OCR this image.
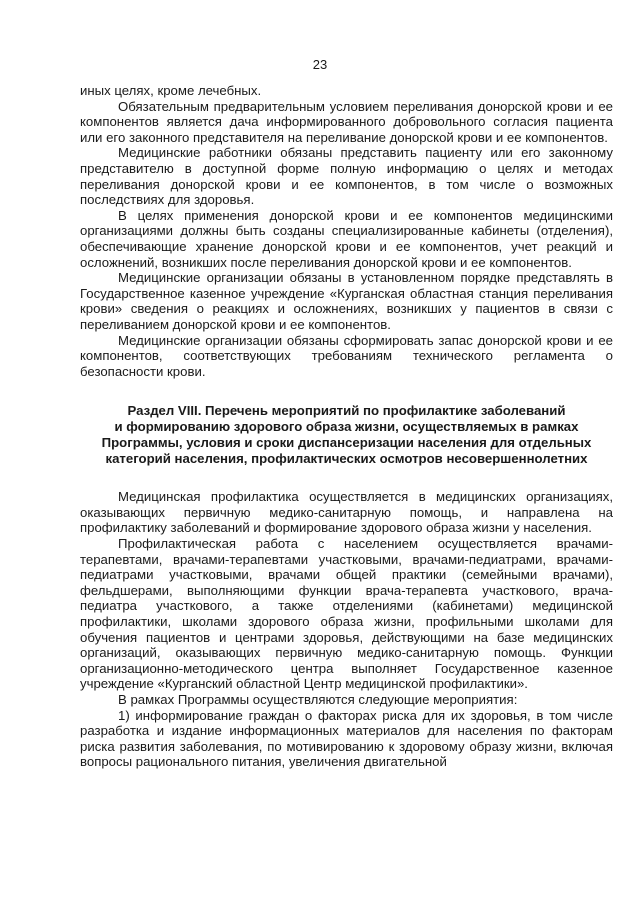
23

иных целях, кроме лечебных.

Обязательным предварительным условием переливания донорской крови и ее компонентов является дача информированного добровольного согласия пациента или его законного представителя на переливание донорской крови и ее компонентов.

Медицинские работники обязаны представить пациенту или его законному представителю в доступной форме полную информацию о целях и методах переливания донорской крови и ее компонентов, в том числе о возможных последствиях для здоровья.

В целях применения донорской крови и ее компонентов медицинскими организациями должны быть созданы специализированные кабинеты (отделения), обеспечивающие хранение донорской крови и ее компонентов, учет реакций и осложнений, возникших после переливания донорской крови и ее компонентов.

Медицинские организации обязаны в установленном порядке представлять в Государственное казенное учреждение «Курганская областная станция переливания крови» сведения о реакциях и осложнениях, возникших у пациентов в связи с переливанием донорской крови и ее компонентов.

Медицинские организации обязаны сформировать запас донорской крови и ее компонентов, соответствующих требованиям технического регламента о безопасности крови.

Раздел VIII. Перечень мероприятий по профилактике заболеваний
и формированию здорового образа жизни, осуществляемых в рамках
Программы, условия и сроки диспансеризации населения для отдельных
категорий населения, профилактических осмотров несовершеннолетних

Медицинская профилактика осуществляется в медицинских организациях, оказывающих первичную медико-санитарную помощь, и направлена на профилактику заболеваний и формирование здорового образа жизни у населения.

Профилактическая работа с населением осуществляется врачами-терапевтами, врачами-терапевтами участковыми, врачами-педиатрами, врачами-педиатрами участковыми, врачами общей практики (семейными врачами), фельдшерами, выполняющими функции врача-терапевта участкового, врача-педиатра участкового, а также отделениями (кабинетами) медицинской профилактики, школами здорового образа жизни, профильными школами для обучения пациентов и центрами здоровья, действующими на базе медицинских организаций, оказывающих первичную медико-санитарную помощь. Функции организационно-методического центра выполняет Государственное казенное учреждение «Курганский областной Центр медицинской профилактики».

В рамках Программы осуществляются следующие мероприятия:

1) информирование граждан о факторах риска для их здоровья, в том числе разработка и издание информационных материалов для населения по факторам риска развития заболевания, по мотивированию к здоровому образу жизни, включая вопросы рационального питания, увеличения двигательной
